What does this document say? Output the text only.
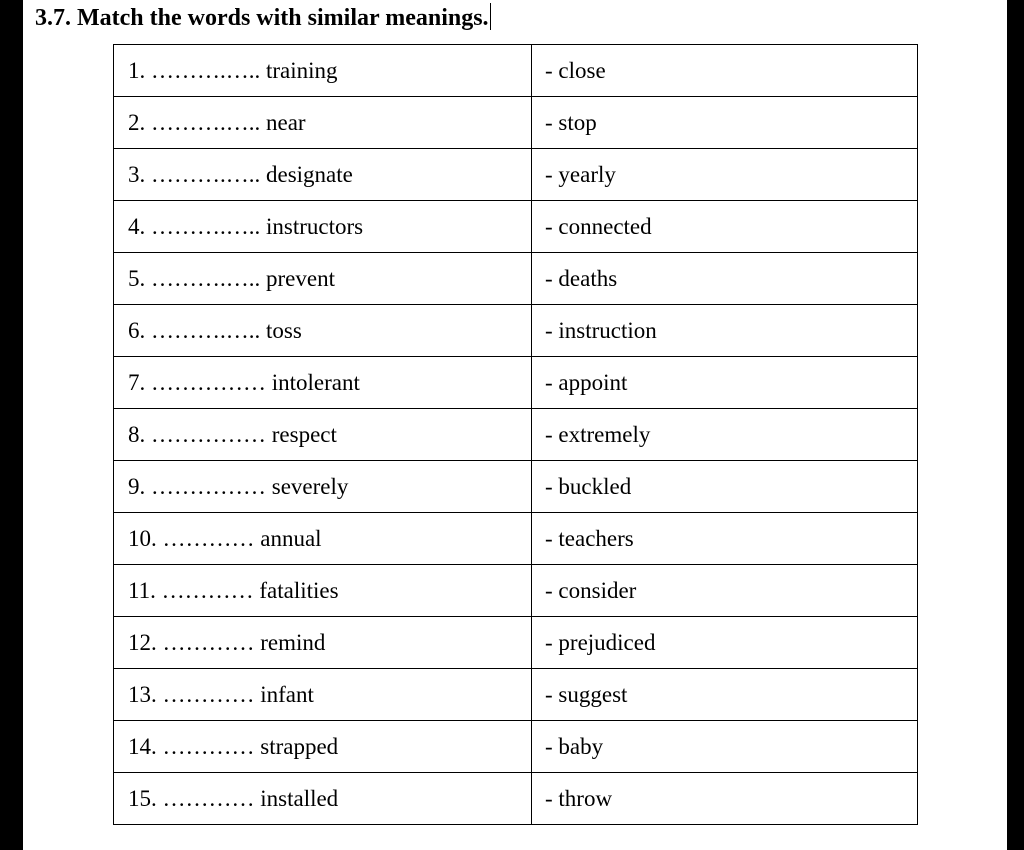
3.7. Match the words with similar meanings.
1. ……….….. training	- close
2. ……….….. near	- stop
3. ……….….. designate	- yearly
4. ……….….. instructors	- connected
5. ……….….. prevent	- deaths
6. ……….….. toss	- instruction
7. …………… intolerant	- appoint
8. …………… respect	- extremely
9. …………… severely	- buckled
10. ………… annual	- teachers
11. ………… fatalities	- consider
12. ………… remind	- prejudiced
13. ………… infant	- suggest
14. ………… strapped	- baby
15. ………… installed	- throw
